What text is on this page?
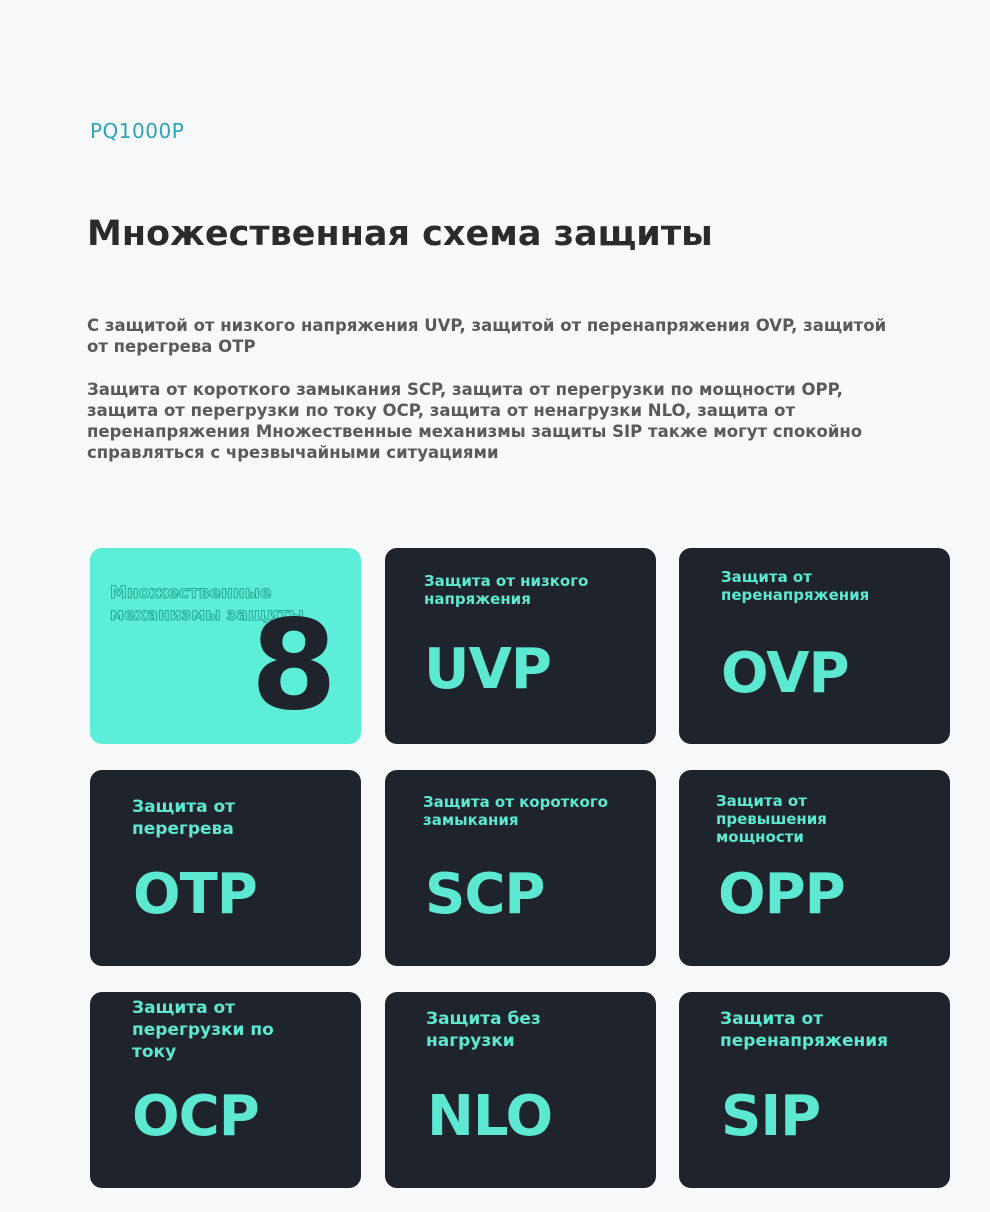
PQ1000P
Множественная схема защиты

С защитой от низкого напряжения UVP, защитой от перенапряжения OVP, защитой от перегрева OTP

Защита от короткого замыкания SCP, защита от перегрузки по мощности OPP, защита от перегрузки по току OCP, защита от ненагрузки NLO, защита от перенапряжения Множественные механизмы защиты SIP также могут спокойно справляться с чрезвычайными ситуациями

Множественные механизмы защиты
8
Защита от низкого напряжения
UVP
Защита от перенапряжения
OVP
Защита от перегрева
OTP
Защита от короткого замыкания
SCP
Защита от превышения мощности
OPP
Защита от перегрузки по току
OCP
Защита без нагрузки
NLO
Защита от перенапряжения
SIP
